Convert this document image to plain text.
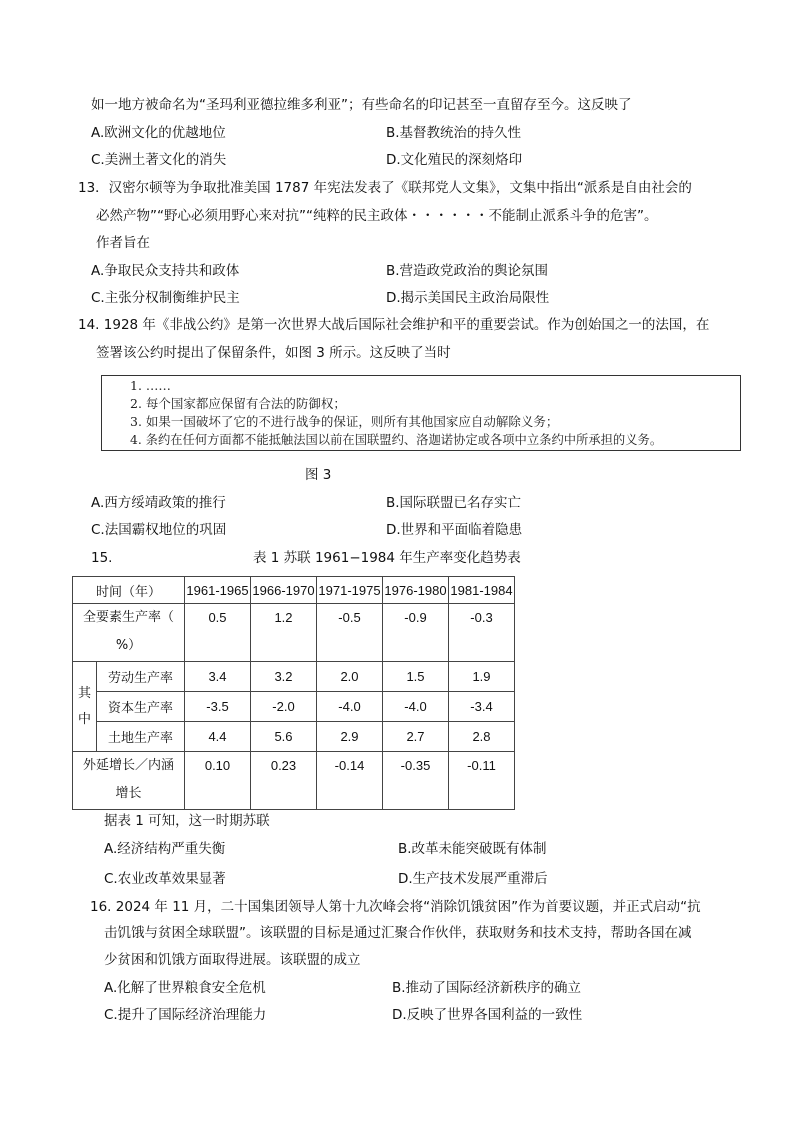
如一地方被命名为“圣玛利亚德拉维多利亚”；有些命名的印记甚至一直留存至今。这反映了
A.欧洲文化的优越地位	B.基督教统治的持久性
C.美洲土著文化的消失	D.文化殖民的深刻烙印
13．汉密尔顿等为争取批准美国 1787 年宪法发表了《联邦党人文集》，文集中指出“派系是自由社会的
必然产物”“野心必须用野心来对抗”“纯粹的民主政体・・・・・・不能制止派系斗争的危害”。
作者旨在
A.争取民众支持共和政体	B.营造政党政治的舆论氛围
C.主张分权制衡维护民主	D.揭示美国民主政治局限性
14. 1928 年《非战公约》是第一次世界大战后国际社会维护和平的重要尝试。作为创始国之一的法国，在
签署该公约时提出了保留条件，如图 3 所示。这反映了当时
1. ……
2. 每个国家都应保留有合法的防御权；
3. 如果一国破坏了它的不进行战争的保证，则所有其他国家应自动解除义务；
4. 条约在任何方面都不能抵触法国以前在国联盟约、洛迦诺协定或各项中立条约中所承担的义务。
图 3
A.西方绥靖政策的推行	B.国际联盟已名存实亡
C.法国霸权地位的巩固	D.世界和平面临着隐患
15.	表 1 苏联 1961−1984 年生产率变化趋势表
时间（年）		1961-1965	1966-1970	1971-1975	1976-1980	1981-1984

全要素生产率（
%）		0.5	1.2	-0.5	-0.9	-0.3

其
中	劳动生产率	3.4	3.2	2.0	1.5	1.9
	资本生产率	-3.5	-2.0	-4.0	-4.0	-3.4
	土地生产率	4.4	5.6	2.9	2.7	2.8

外延增长／内涵
增长		0.10	0.23	-0.14	-0.35	-0.11
据表 1 可知，这一时期苏联
A.经济结构严重失衡	B.改革未能突破既有体制
C.农业改革效果显著	D.生产技术发展严重滞后
16. 2024 年 11 月，二十国集团领导人第十九次峰会将“消除饥饿贫困”作为首要议题，并正式启动“抗
击饥饿与贫困全球联盟”。该联盟的目标是通过汇聚合作伙伴，获取财务和技术支持，帮助各国在减
少贫困和饥饿方面取得进展。该联盟的成立
A.化解了世界粮食安全危机	B.推动了国际经济新秩序的确立
C.提升了国际经济治理能力	D.反映了世界各国利益的一致性
